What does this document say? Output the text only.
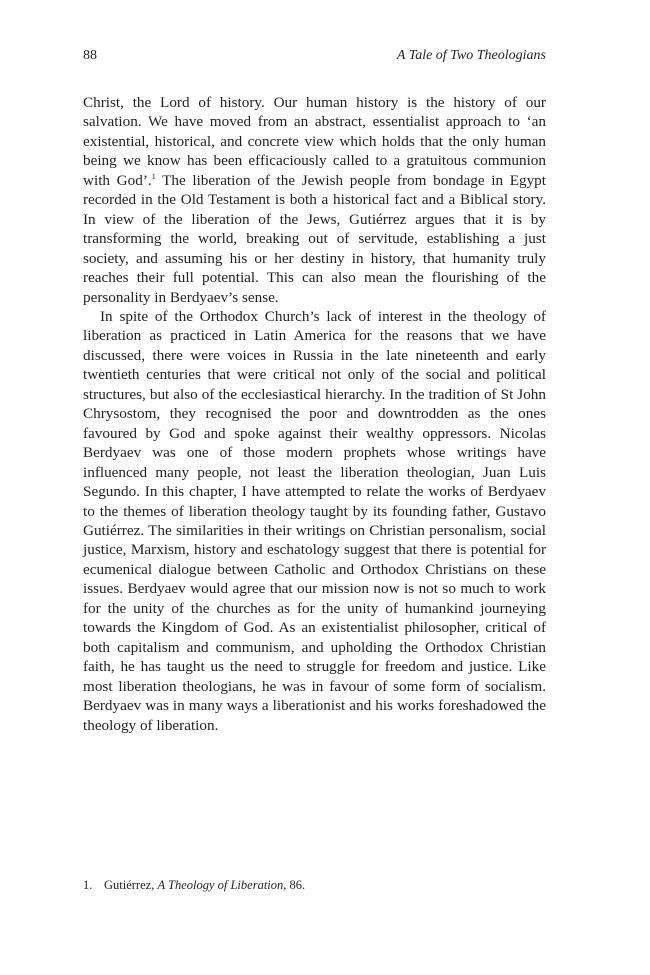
88	A Tale of Two Theologians

Christ, the Lord of history. Our human history is the history of our salvation. We have moved from an abstract, essentialist approach to ‘an existential, historical, and concrete view which holds that the only human being we know has been efficaciously called to a gratuitous communion with God’.$^1$ The liberation of the Jewish people from bondage in Egypt recorded in the Old Testament is both a historical fact and a Biblical story. In view of the liberation of the Jews, Gutiérrez argues that it is by transforming the world, breaking out of servitude, establishing a just society, and assuming his or her destiny in history, that humanity truly reaches their full potential. This can also mean the flourishing of the personality in Berdyaev’s sense.

In spite of the Orthodox Church’s lack of interest in the theology of liberation as practiced in Latin America for the reasons that we have discussed, there were voices in Russia in the late nineteenth and early twentieth centuries that were critical not only of the social and political structures, but also of the ecclesiastical hierarchy. In the tradition of St John Chrysostom, they recognised the poor and downtrodden as the ones favoured by God and spoke against their wealthy oppressors. Nicolas Berdyaev was one of those modern prophets whose writings have influenced many people, not least the liberation theologian, Juan Luis Segundo. In this chapter, I have attempted to relate the works of Berdyaev to the themes of liberation theology taught by its founding father, Gustavo Gutiérrez. The similarities in their writings on Christian personalism, social justice, Marxism, history and eschatology suggest that there is potential for ecumenical dialogue between Catholic and Orthodox Christians on these issues. Berdyaev would agree that our mission now is not so much to work for the unity of the churches as for the unity of humankind journeying towards the Kingdom of God. As an existentialist philosopher, critical of both capitalism and communism, and upholding the Orthodox Christian faith, he has taught us the need to struggle for freedom and justice. Like most liberation theologians, he was in favour of some form of socialism. Berdyaev was in many ways a liberationist and his works foreshadowed the theology of liberation.

1. Gutiérrez, A Theology of Liberation, 86.
